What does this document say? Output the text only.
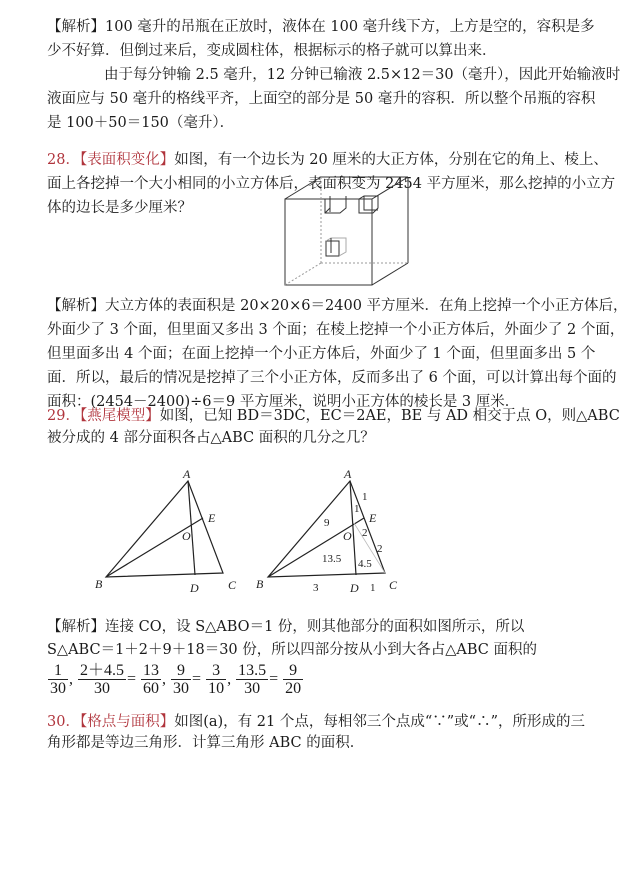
【解析】100 毫升的吊瓶在正放时，液体在 100 毫升线下方，上方是空的，容积是多
少不好算．但倒过来后，变成圆柱体，根据标示的格子就可以算出来．
由于每分钟输 2.5 毫升，12 分钟已输液 2.5×12＝30（毫升），因此开始输液时
液面应与 50 毫升的格线平齐，上面空的部分是 50 毫升的容积．所以整个吊瓶的容积
是 100＋50＝150（毫升）．
28．【表面积变化】如图，有一个边长为 20 厘米的大正方体，分别在它的角上、棱上、
面上各挖掉一个大小相同的小立方体后，表面积变为 2454 平方厘米，那么挖掉的小立方
体的边长是多少厘米？
【解析】大立方体的表面积是 20×20×6＝2400 平方厘米．在角上挖掉一个小正方体后，
外面少了 3 个面，但里面又多出 3 个面；在棱上挖掉一个小正方体后，外面少了 2 个面，
但里面多出 4 个面；在面上挖掉一个小正方体后，外面少了 1 个面，但里面多出 5 个
面．所以，最后的情况是挖掉了三个小正方体，反而多出了 6 个面，可以计算出每个面的
面积：(2454－2400)÷6＝9 平方厘米，说明小正方体的棱长是 3 厘米．
29．【燕尾模型】如图，已知 BD＝3DC，EC＝2AE，BE 与 AD 相交于点 O，则△ABC
被分成的 4 部分面积各占△ABC 面积的几分之几？
A
B	C
D
E
O
A
B	C
D
E
O
9
1
1
2
2
13.5 4.5
3	1
【解析】连接 CO，设 S△ABO＝1 份，则其他部分的面积如图所示，所以
S△ABC＝1＋2＋9＋18＝30 份，所以四部分按从小到大各占△ABC 面积的
$\frac{1}{30}$ , $\frac{2+4.5}{30} = \frac{13}{60}$ , $\frac{9}{30} = \frac{3}{10}$ , $\frac{13.5}{30} = \frac{9}{20}$
30．【格点与面积】如图(a)，有 21 个点，每相邻三个点成“∵”或“∴”，所形成的三
角形都是等边三角形．计算三角形 ABC 的面积．
